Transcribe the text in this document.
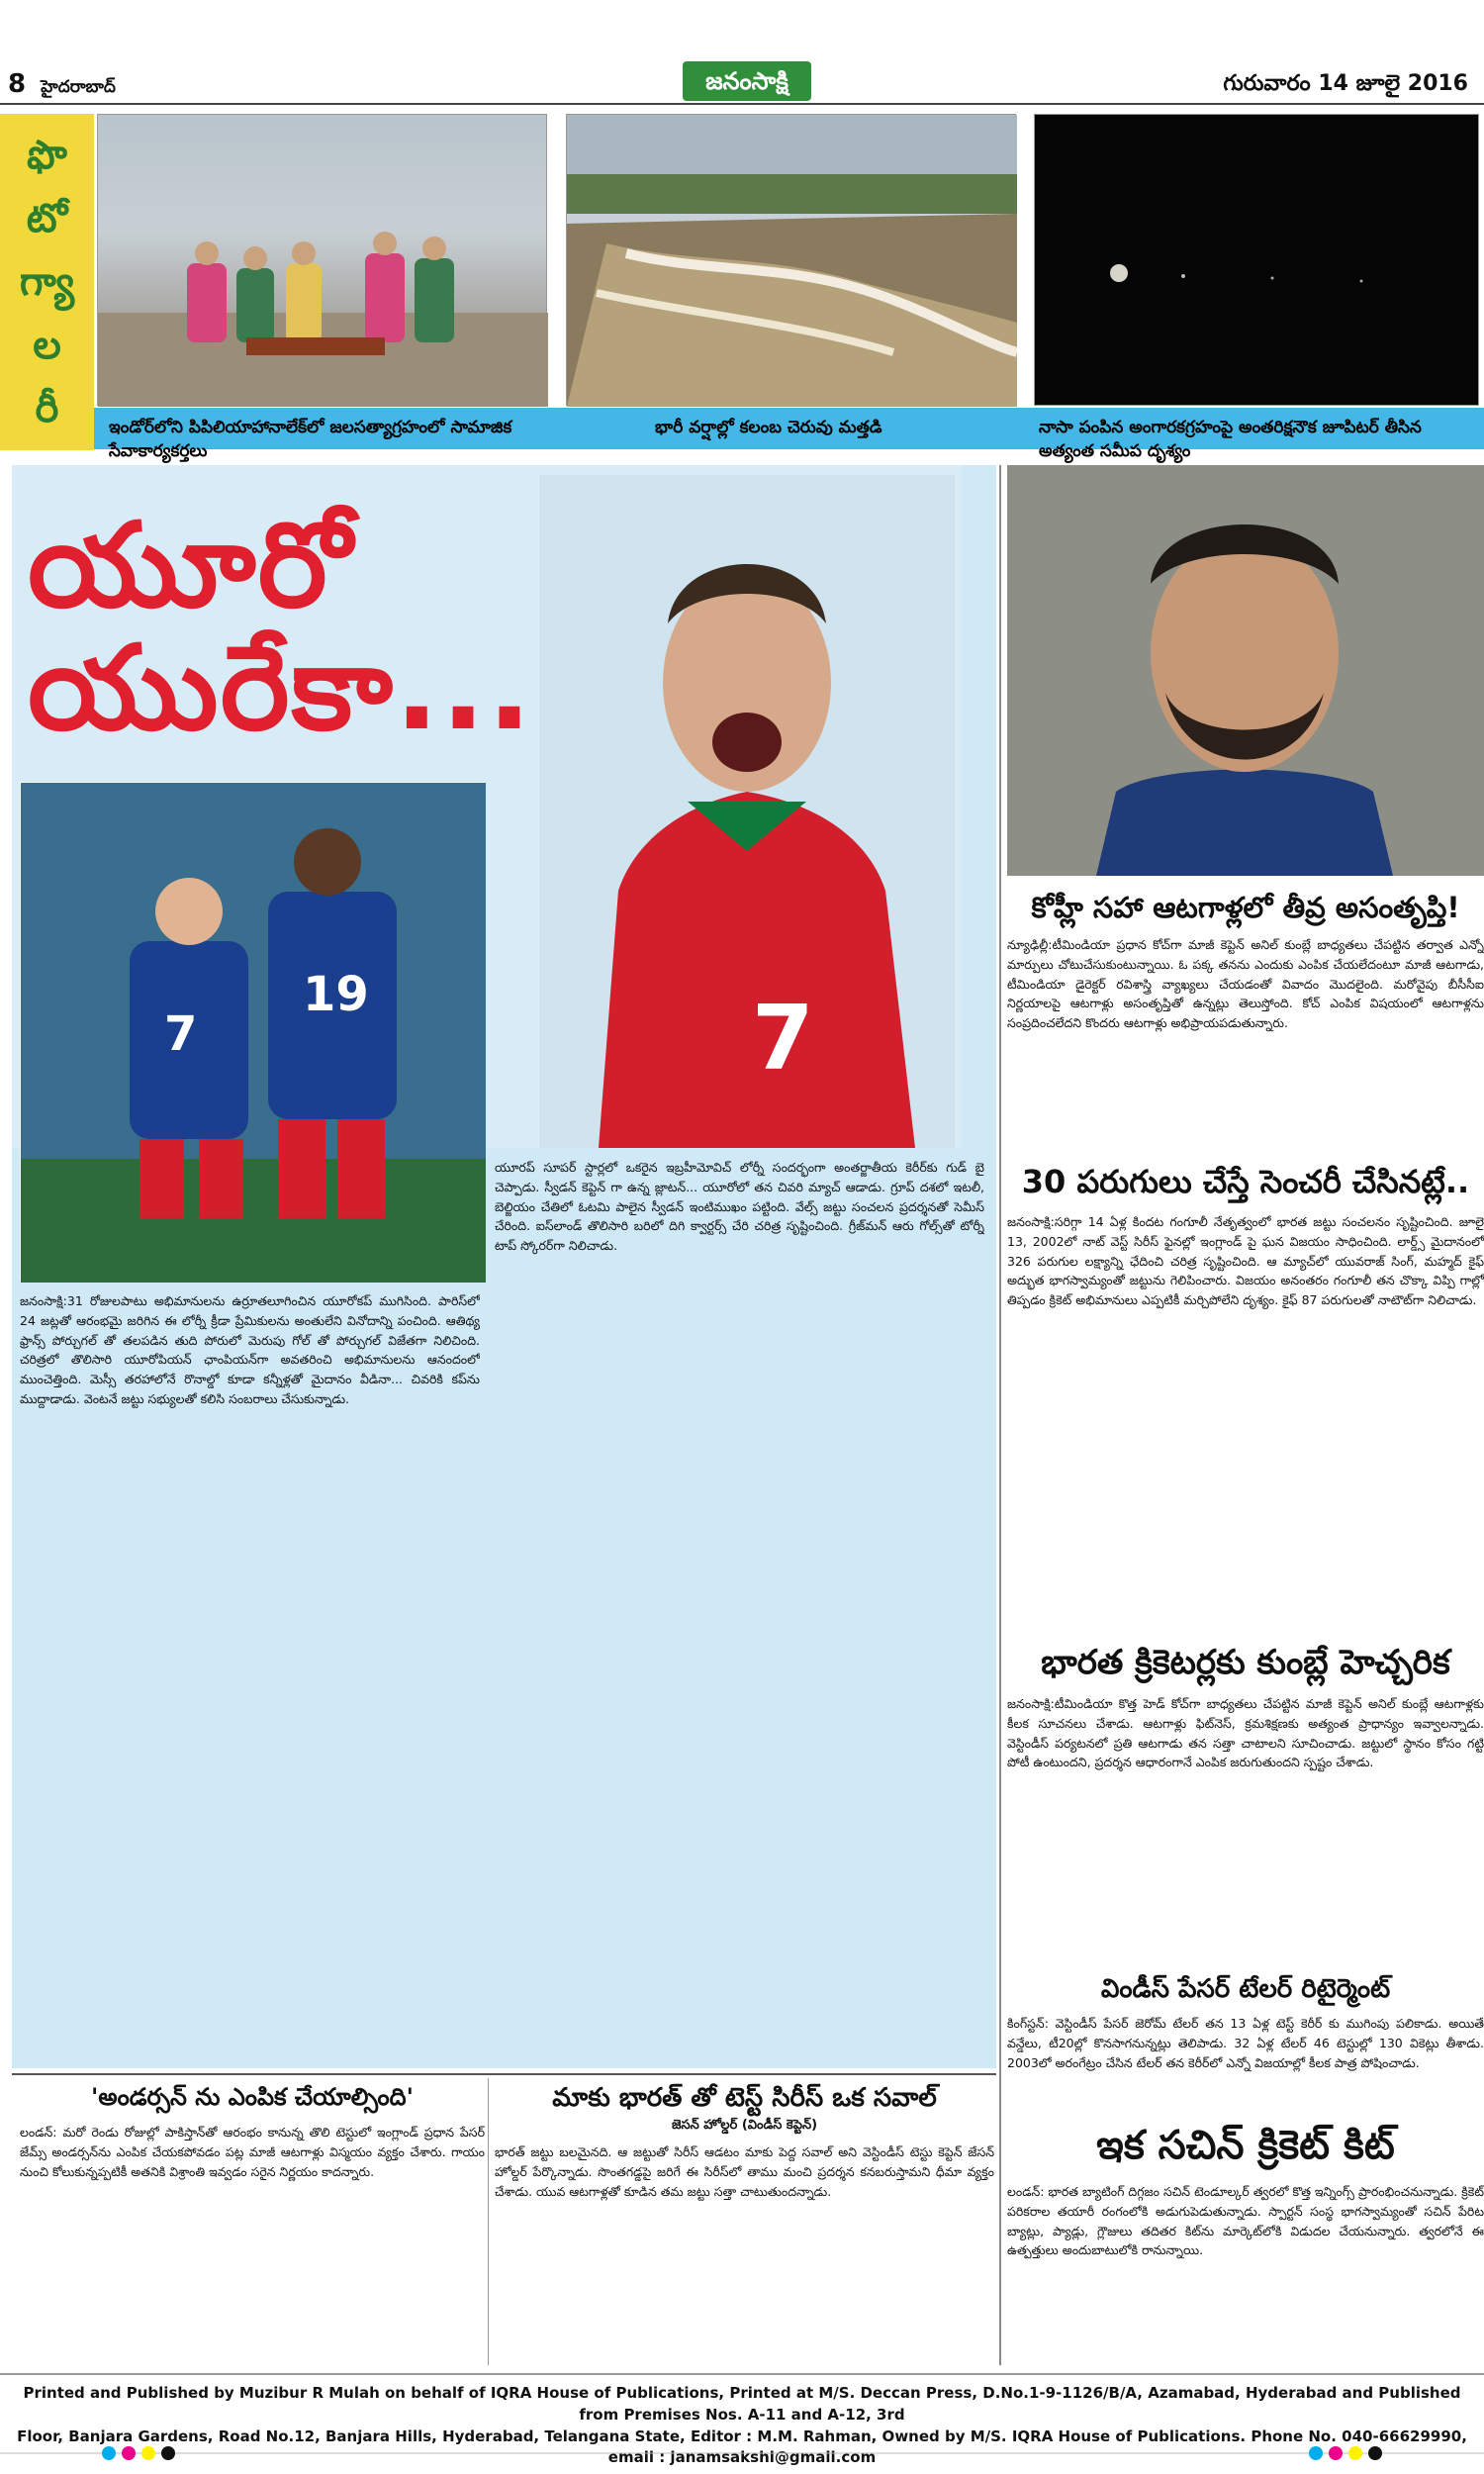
8 హైదరాబాద్	జనంసాక్షి	గురువారం 14 జూలై 2016
ఫొ
టో
గ్యా
ల
రీ	ఇండోర్‌లోని పిపిలియాహానాలేక్‌లో జలసత్యాగ్రహంలో సామాజిక సేవాకార్యకర్తలు
భారీ వర్షాల్లో కలంబ చెరువు మత్తడి	నాసా పంపిన అంగారకగ్రహంపై అంతరిక్షనౌక జూపిటర్ తీసిన అత్యంత సమీప దృశ్యం
యూరో
యురేకా...
7
7
19
జనంసాక్షి:31 రోజులపాటు అభిమానులను ఉర్రూతలూగించిన యూరోకప్ ముగిసింది. పారిస్‌లో 24 జట్లతో ఆరంభమై జరిగిన ఈ లోర్నీ క్రీడా ప్రేమికులను అంతులేని వినోదాన్ని పంచింది. ఆతిథ్య ఫ్రాన్స్ పోర్చుగల్ తో తలపడిన తుది పోరులో మెరుపు గోల్ తో పోర్చుగల్ విజేతగా నిలిచింది. చరిత్రలో తొలిసారి యూరోపియన్ ఛాంపియన్‌గా అవతరించి అభిమానులను ఆనందంలో ముంచెత్తింది. మెస్సీ తరహాలోనే రొనాల్డో కూడా కన్నీళ్లతో మైదానం వీడినా... చివరికి కప్‌ను ముద్దాడాడు. వెంటనే జట్టు సభ్యులతో కలిసి సంబరాలు చేసుకున్నాడు.
యూరప్ సూపర్ స్టార్లలో ఒకరైన ఇబ్రహీమోవిచ్ లోర్నీ సందర్భంగా అంతర్జాతీయ కెరీర్‌కు గుడ్ బై చెప్పాడు. స్వీడన్ కెప్టెన్ గా ఉన్న జ్లాటన్... యూరోలో తన చివరి మ్యాచ్ ఆడాడు. గ్రూప్ దశలో ఇటలీ, బెల్జియం చేతిలో ఓటమి పాలైన స్వీడన్ ఇంటిముఖం పట్టింది. వేల్స్ జట్టు సంచలన ప్రదర్శనతో సెమీస్ చేరింది. ఐస్‌లాండ్ తొలిసారి బరిలో దిగి క్వార్టర్స్ చేరి చరిత్ర సృష్టించింది. గ్రీజ్‌మన్ ఆరు గోల్స్‌తో టోర్నీ టాప్ స్కోరర్‌గా నిలిచాడు.
కోహ్లీ సహా ఆటగాళ్లలో తీవ్ర అసంతృప్తి!
న్యూఢిల్లీ:టీమిండియా ప్రధాన కోచ్‌గా మాజీ కెప్టెన్ అనిల్ కుంబ్లే బాధ్యతలు చేపట్టిన తర్వాత ఎన్నో మార్పులు చోటుచేసుకుంటున్నాయి. ఓ పక్క తనను ఎందుకు ఎంపిక చేయలేదంటూ మాజీ ఆటగాడు, టీమిండియా డైరెక్టర్ రవిశాస్త్రి వ్యాఖ్యలు చేయడంతో వివాదం మొదలైంది. మరోవైపు బీసీసీఐ నిర్ణయాలపై ఆటగాళ్లు అసంతృప్తితో ఉన్నట్లు తెలుస్తోంది. కోచ్ ఎంపిక విషయంలో ఆటగాళ్లను సంప్రదించలేదని కొందరు ఆటగాళ్లు అభిప్రాయపడుతున్నారు.
30 పరుగులు చేస్తే సెంచరీ చేసినట్లే..
జనంసాక్షి:సరిగ్గా 14 ఏళ్ల కిందట గంగూలీ నేతృత్వంలో భారత జట్టు సంచలనం సృష్టించింది. జూలై 13, 2002లో నాట్ వెస్ట్ సిరీస్ ఫైనల్లో ఇంగ్లాండ్ పై ఘన విజయం సాధించింది. లార్డ్స్ మైదానంలో 326 పరుగుల లక్ష్యాన్ని ఛేదించి చరిత్ర సృష్టించింది. ఆ మ్యాచ్‌లో యువరాజ్ సింగ్, మహ్మద్ కైఫ్ అద్భుత భాగస్వామ్యంతో జట్టును గెలిపించారు. విజయం అనంతరం గంగూలీ తన చొక్కా విప్పి గాల్లో తిప్పడం క్రికెట్ అభిమానులు ఎప్పటికీ మర్చిపోలేని దృశ్యం. కైఫ్ 87 పరుగులతో నాటౌట్‌గా నిలిచాడు.
భారత క్రికెటర్లకు కుంబ్లే హెచ్చరిక
జనంసాక్షి:టీమిండియా కొత్త హెడ్ కోచ్‌గా బాధ్యతలు చేపట్టిన మాజీ కెప్టెన్ అనిల్ కుంబ్లే ఆటగాళ్లకు కీలక సూచనలు చేశాడు. ఆటగాళ్లు ఫిట్‌నెస్, క్రమశిక్షణకు అత్యంత ప్రాధాన్యం ఇవ్వాలన్నాడు. వెస్టిండీస్ పర్యటనలో ప్రతి ఆటగాడు తన సత్తా చాటాలని సూచించాడు. జట్టులో స్థానం కోసం గట్టి పోటీ ఉంటుందని, ప్రదర్శన ఆధారంగానే ఎంపిక జరుగుతుందని స్పష్టం చేశాడు.
విండీస్ పేసర్ టేలర్ రిటైర్మెంట్
కింగ్‌స్టన్: వెస్టిండీస్ పేసర్ జెరోమ్ టేలర్ తన 13 ఏళ్ల టెస్ట్ కెరీర్ కు ముగింపు పలికాడు. అయితే వన్డేలు, టీ20ల్లో కొనసాగనున్నట్లు తెలిపాడు. 32 ఏళ్ల టేలర్ 46 టెస్టుల్లో 130 వికెట్లు తీశాడు. 2003లో అరంగేట్రం చేసిన టేలర్ తన కెరీర్‌లో ఎన్నో విజయాల్లో కీలక పాత్ర పోషించాడు.
ఇక సచిన్ క్రికెట్ కిట్
లండన్: భారత బ్యాటింగ్ దిగ్గజం సచిన్ టెండూల్కర్ త్వరలో కొత్త ఇన్నింగ్స్ ప్రారంభించనున్నాడు. క్రికెట్ పరికరాల తయారీ రంగంలోకి అడుగుపెడుతున్నాడు. స్పార్టన్ సంస్థ భాగస్వామ్యంతో సచిన్ పేరిట బ్యాట్లు, ప్యాడ్లు, గ్లౌజులు తదితర కిట్‌ను మార్కెట్‌లోకి విడుదల చేయనున్నారు. త్వరలోనే ఈ ఉత్పత్తులు అందుబాటులోకి రానున్నాయి.
'అండర్సన్ ను ఎంపిక చేయాల్సింది'
లండన్: మరో రెండు రోజుల్లో పాకిస్తాన్‌తో ఆరంభం కానున్న తొలి టెస్టులో ఇంగ్లాండ్ ప్రధాన పేసర్ జేమ్స్ అండర్సన్‌ను ఎంపిక చేయకపోవడం పట్ల మాజీ ఆటగాళ్లు విస్మయం వ్యక్తం చేశారు. గాయం నుంచి కోలుకున్నప్పటికీ అతనికి విశ్రాంతి ఇవ్వడం సరైన నిర్ణయం కాదన్నారు.
మాకు భారత్ తో టెస్ట్ సిరీస్ ఒక సవాల్
జెసన్ హోల్డర్ (విండీస్ కెప్టెన్)
భారత్ జట్టు బలమైనది. ఆ జట్టుతో సిరీస్ ఆడటం మాకు పెద్ద సవాల్ అని వెస్టిండీస్ టెస్టు కెప్టెన్ జేసన్ హోల్డర్ పేర్కొన్నాడు. సొంతగడ్డపై జరిగే ఈ సిరీస్‌లో తాము మంచి ప్రదర్శన కనబరుస్తామని ధీమా వ్యక్తం చేశాడు. యువ ఆటగాళ్లతో కూడిన తమ జట్టు సత్తా చాటుతుందన్నాడు.
Printed and Published by Muzibur R Mulah on behalf of IQRA House of Publications, Printed at M/S. Deccan Press, D.No.1-9-1126/B/A, Azamabad, Hyderabad and Published from Premises Nos. A-11 and A-12, 3rd
Floor, Banjara Gardens, Road No.12, Banjara Hills, Hyderabad, Telangana State, Editor : M.M. Rahman, Owned by M/S. IQRA House of Publications. Phone No. 040-66629990, email : janamsakshi@gmail.com
